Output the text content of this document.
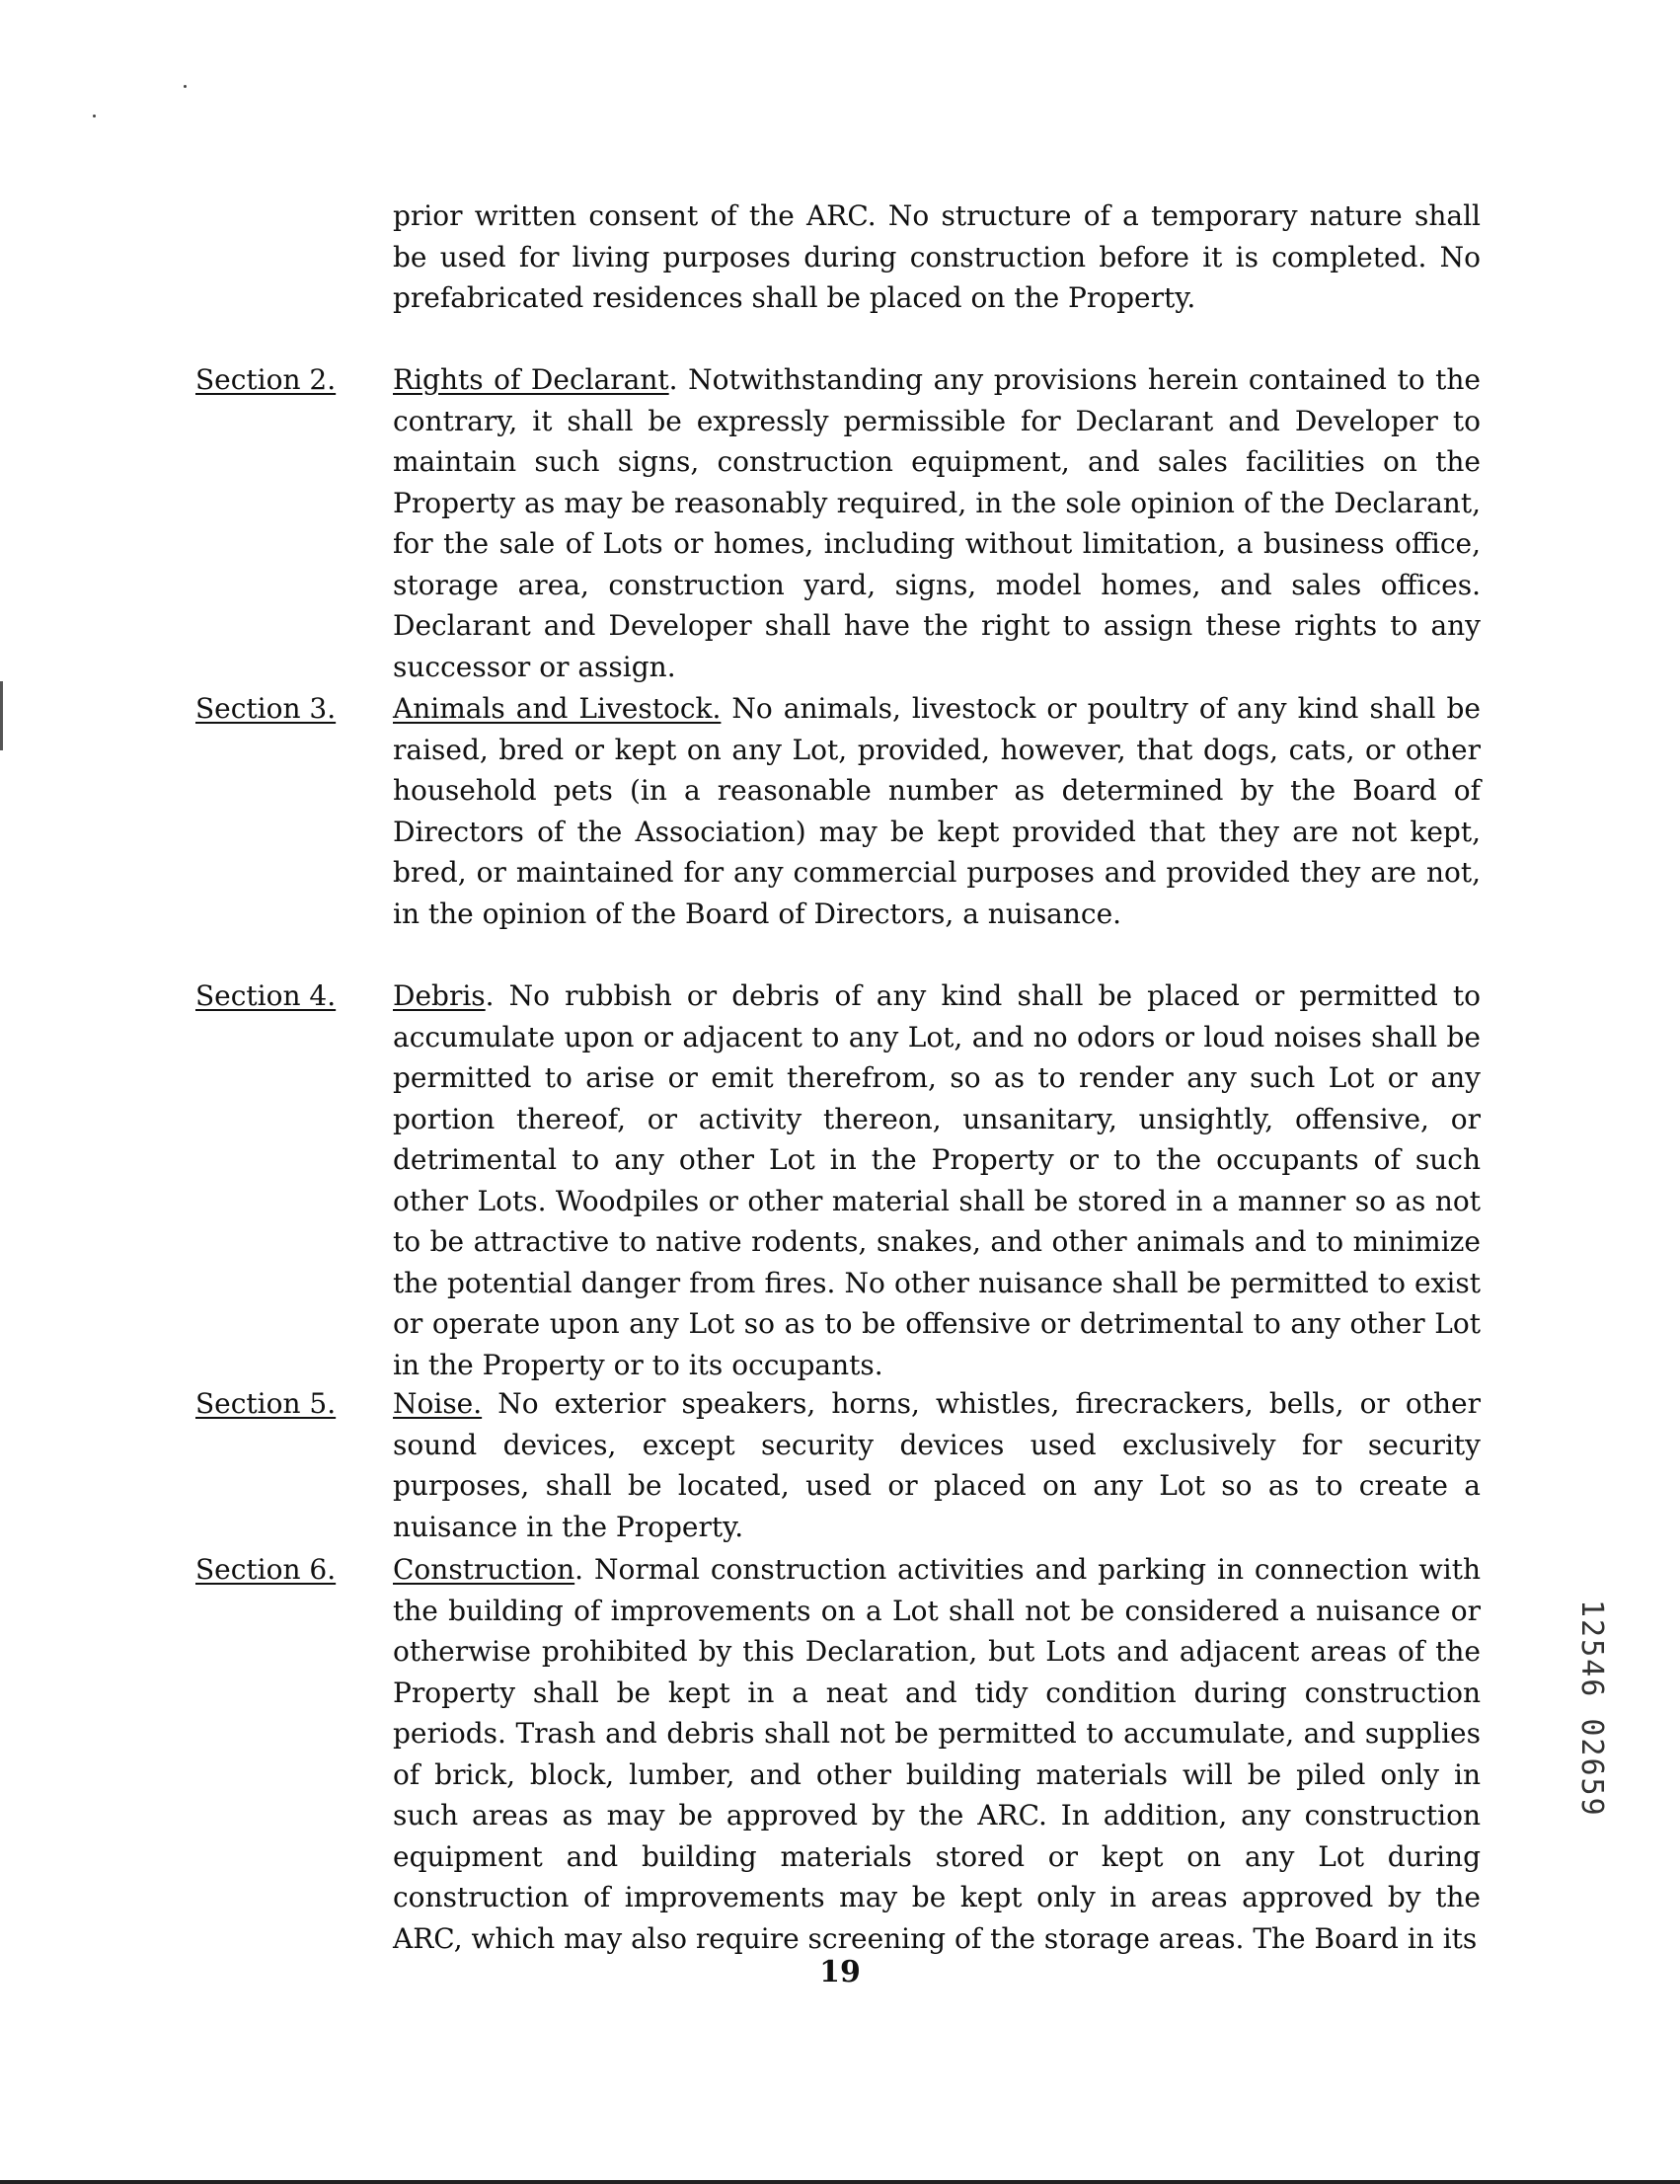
prior written consent of the ARC. No structure of a temporary nature shall be used for living purposes during construction before it is completed. No prefabricated residences shall be placed on the Property.
Section 2. Rights of Declarant. Notwithstanding any provisions herein contained to the contrary, it shall be expressly permissible for Declarant and Developer to maintain such signs, construction equipment, and sales facilities on the Property as may be reasonably required, in the sole opinion of the Declarant, for the sale of Lots or homes, including without limitation, a business office, storage area, construction yard, signs, model homes, and sales offices. Declarant and Developer shall have the right to assign these rights to any successor or assign.
Section 3. Animals and Livestock. No animals, livestock or poultry of any kind shall be raised, bred or kept on any Lot, provided, however, that dogs, cats, or other household pets (in a reasonable number as determined by the Board of Directors of the Association) may be kept provided that they are not kept, bred, or maintained for any commercial purposes and provided they are not, in the opinion of the Board of Directors, a nuisance.
Section 4. Debris. No rubbish or debris of any kind shall be placed or permitted to accumulate upon or adjacent to any Lot, and no odors or loud noises shall be permitted to arise or emit therefrom, so as to render any such Lot or any portion thereof, or activity thereon, unsanitary, unsightly, offensive, or detrimental to any other Lot in the Property or to the occupants of such other Lots. Woodpiles or other material shall be stored in a manner so as not to be attractive to native rodents, snakes, and other animals and to minimize the potential danger from fires. No other nuisance shall be permitted to exist or operate upon any Lot so as to be offensive or detrimental to any other Lot in the Property or to its occupants.
Section 5. Noise. No exterior speakers, horns, whistles, firecrackers, bells, or other sound devices, except security devices used exclusively for security purposes, shall be located, used or placed on any Lot so as to create a nuisance in the Property.
Section 6. Construction. Normal construction activities and parking in connection with the building of improvements on a Lot shall not be considered a nuisance or otherwise prohibited by this Declaration, but Lots and adjacent areas of the Property shall be kept in a neat and tidy condition during construction periods. Trash and debris shall not be permitted to accumulate, and supplies of brick, block, lumber, and other building materials will be piled only in such areas as may be approved by the ARC. In addition, any construction equipment and building materials stored or kept on any Lot during construction of improvements may be kept only in areas approved by the ARC, which may also require screening of the storage areas. The Board in its
19
12546 02659
